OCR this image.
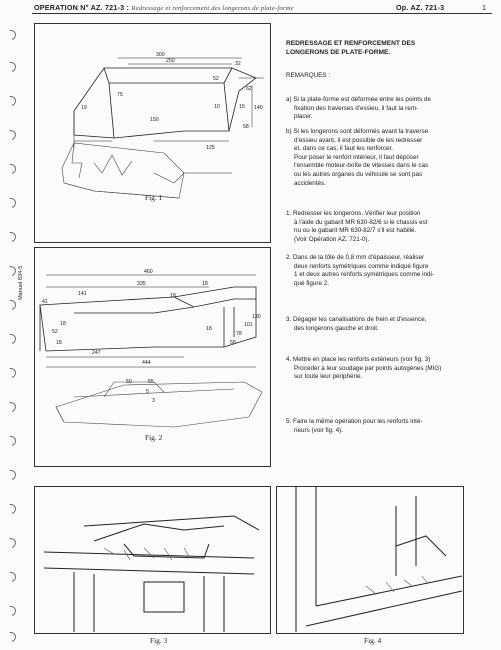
OPERATION N° AZ. 721-3 : Redressage et renforcement des longerons de plate-forme	Op. AZ. 721-3	1
Manuel 834-5
300
250	32
52
62
75
19	10	15 140
150
58
125
Fig. 1
460
335	18
141	18
41
18	101
130
78
52
18
18
58
247
444
50	55
5
3
Fig. 2
Fig. 3	Fig. 4
REDRESSAGE ET RENFORCEMENT DES
LONGERONS DE PLATE-FORME.
REMARQUES :
a) Si la plate-forme est déformée entre les points de
fixation des traverses d'essieu, il faut la rem-
placer.
b) Si les longerons sont déformés avant la traverse
d'essieu avant, il est possible de les redresser
et, dans ce cas, il faut les renforcer.
Pour poser le renfort intérieur, il faut déposer
l'ensemble moteur-boîte de vitesses dans le cas
ou les autres organes du véhicule se sont pas
accidentés.
1. Redresser les longerons. Vérifier leur position
à l'aide du gabarit MR 630-82/6 si le chassis est
nu ou le gabarit MR 630-82/7 s'il est habillé.
(Voir Opération AZ. 721-0).
2. Dans de la tôle de 0,8 mm d'épaisseur, réaliser
deux renforts symétriques comme indiqué figure
1 et deux autres renforts symétriques comme indi-
qué figure 2.
3. Dégager les canalisations de frein et d'essence,
des longerons gauche et droit.
4. Mettre en place les renforts extérieurs (voir fig. 3)
Procéder à leur soudage par points autogènes (MIG)
sur toute leur périphérie.
5. Faire la même opération pour les renforts inté-
rieurs (voir fig. 4).
